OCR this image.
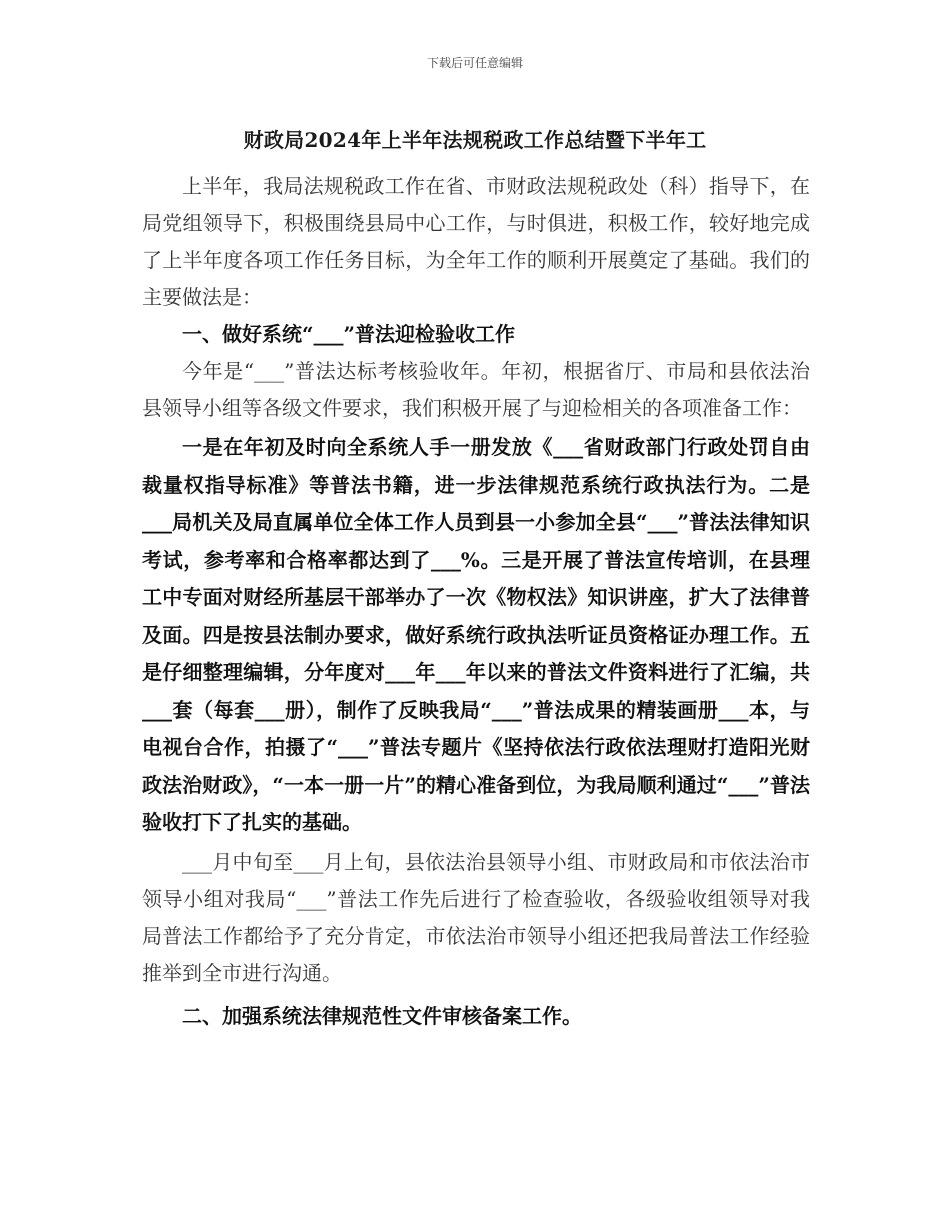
下载后可任意编辑
财政局2024年上半年法规税政工作总结暨下半年工

上半年，我局法规税政工作在省、市财政法规税政处（科）指导下，在局党组领导下，积极围绕县局中心工作，与时俱进，积极工作，较好地完成了上半年度各项工作任务目标，为全年工作的顺利开展奠定了基础。我们的主要做法是：

一、做好系统“___”普法迎检验收工作

今年是“___”普法达标考核验收年。年初，根据省厅、市局和县依法治县领导小组等各级文件要求，我们积极开展了与迎检相关的各项准备工作：

一是在年初及时向全系统人手一册发放《___省财政部门行政处罚自由裁量权指导标准》等普法书籍，进一步法律规范系统行政执法行为。二是___局机关及局直属单位全体工作人员到县一小参加全县“___”普法法律知识考试，参考率和合格率都达到了___%。三是开展了普法宣传培训，在县理工中专面对财经所基层干部举办了一次《物权法》知识讲座，扩大了法律普及面。四是按县法制办要求，做好系统行政执法听证员资格证办理工作。五是仔细整理编辑，分年度对___年___年以来的普法文件资料进行了汇编，共___套（每套___册），制作了反映我局“___”普法成果的精装画册___本，与电视台合作，拍摄了“___”普法专题片《坚持依法行政依法理财打造阳光财政法治财政》，“一本一册一片”的精心准备到位，为我局顺利通过“___”普法验收打下了扎实的基础。

___月中旬至___月上旬，县依法治县领导小组、市财政局和市依法治市领导小组对我局“___”普法工作先后进行了检查验收，各级验收组领导对我局普法工作都给予了充分肯定，市依法治市领导小组还把我局普法工作经验推举到全市进行沟通。

二、加强系统法律规范性文件审核备案工作。
